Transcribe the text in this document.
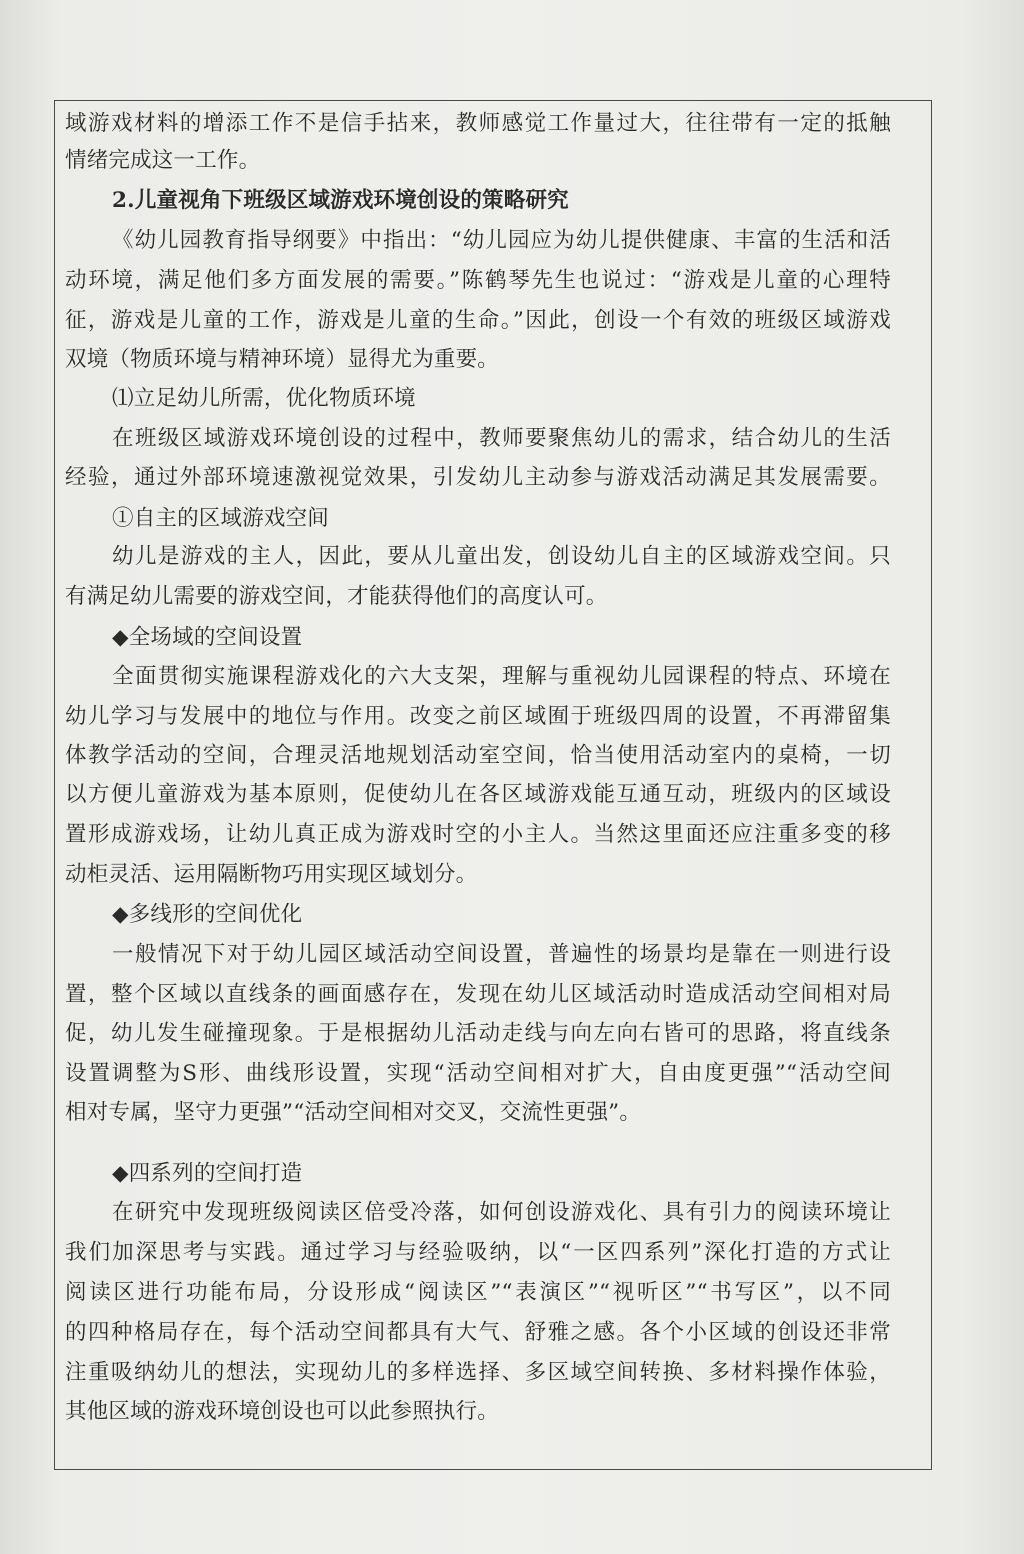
域游戏材料的增添工作不是信手拈来，教师感觉工作量过大，往往带有一定的抵触
情绪完成这一工作。
2.儿童视角下班级区域游戏环境创设的策略研究
《幼儿园教育指导纲要》中指出：“幼儿园应为幼儿提供健康、丰富的生活和活
动环境，满足他们多方面发展的需要。”陈鹤琴先生也说过：“游戏是儿童的心理特
征，游戏是儿童的工作，游戏是儿童的生命。”因此，创设一个有效的班级区域游戏
双境（物质环境与精神环境）显得尤为重要。
⑴立足幼儿所需，优化物质环境
在班级区域游戏环境创设的过程中，教师要聚焦幼儿的需求，结合幼儿的生活
经验，通过外部环境速激视觉效果，引发幼儿主动参与游戏活动满足其发展需要。
①自主的区域游戏空间
幼儿是游戏的主人，因此，要从儿童出发，创设幼儿自主的区域游戏空间。只
有满足幼儿需要的游戏空间，才能获得他们的高度认可。
◆全场域的空间设置
全面贯彻实施课程游戏化的六大支架，理解与重视幼儿园课程的特点、环境在
幼儿学习与发展中的地位与作用。改变之前区域囿于班级四周的设置，不再滞留集
体教学活动的空间，合理灵活地规划活动室空间，恰当使用活动室内的桌椅，一切
以方便儿童游戏为基本原则，促使幼儿在各区域游戏能互通互动，班级内的区域设
置形成游戏场，让幼儿真正成为游戏时空的小主人。当然这里面还应注重多变的移
动柜灵活、运用隔断物巧用实现区域划分。
◆多线形的空间优化
一般情况下对于幼儿园区域活动空间设置，普遍性的场景均是靠在一则进行设
置，整个区域以直线条的画面感存在，发现在幼儿区域活动时造成活动空间相对局
促，幼儿发生碰撞现象。于是根据幼儿活动走线与向左向右皆可的思路，将直线条
设置调整为S形、曲线形设置，实现“活动空间相对扩大，自由度更强”“活动空间
相对专属，坚守力更强”“活动空间相对交叉，交流性更强”。
◆四系列的空间打造
在研究中发现班级阅读区倍受冷落，如何创设游戏化、具有引力的阅读环境让
我们加深思考与实践。通过学习与经验吸纳，以“一区四系列”深化打造的方式让
阅读区进行功能布局，分设形成“阅读区”“表演区”“视听区”“书写区”，以不同
的四种格局存在，每个活动空间都具有大气、舒雅之感。各个小区域的创设还非常
注重吸纳幼儿的想法，实现幼儿的多样选择、多区域空间转换、多材料操作体验，
其他区域的游戏环境创设也可以此参照执行。
